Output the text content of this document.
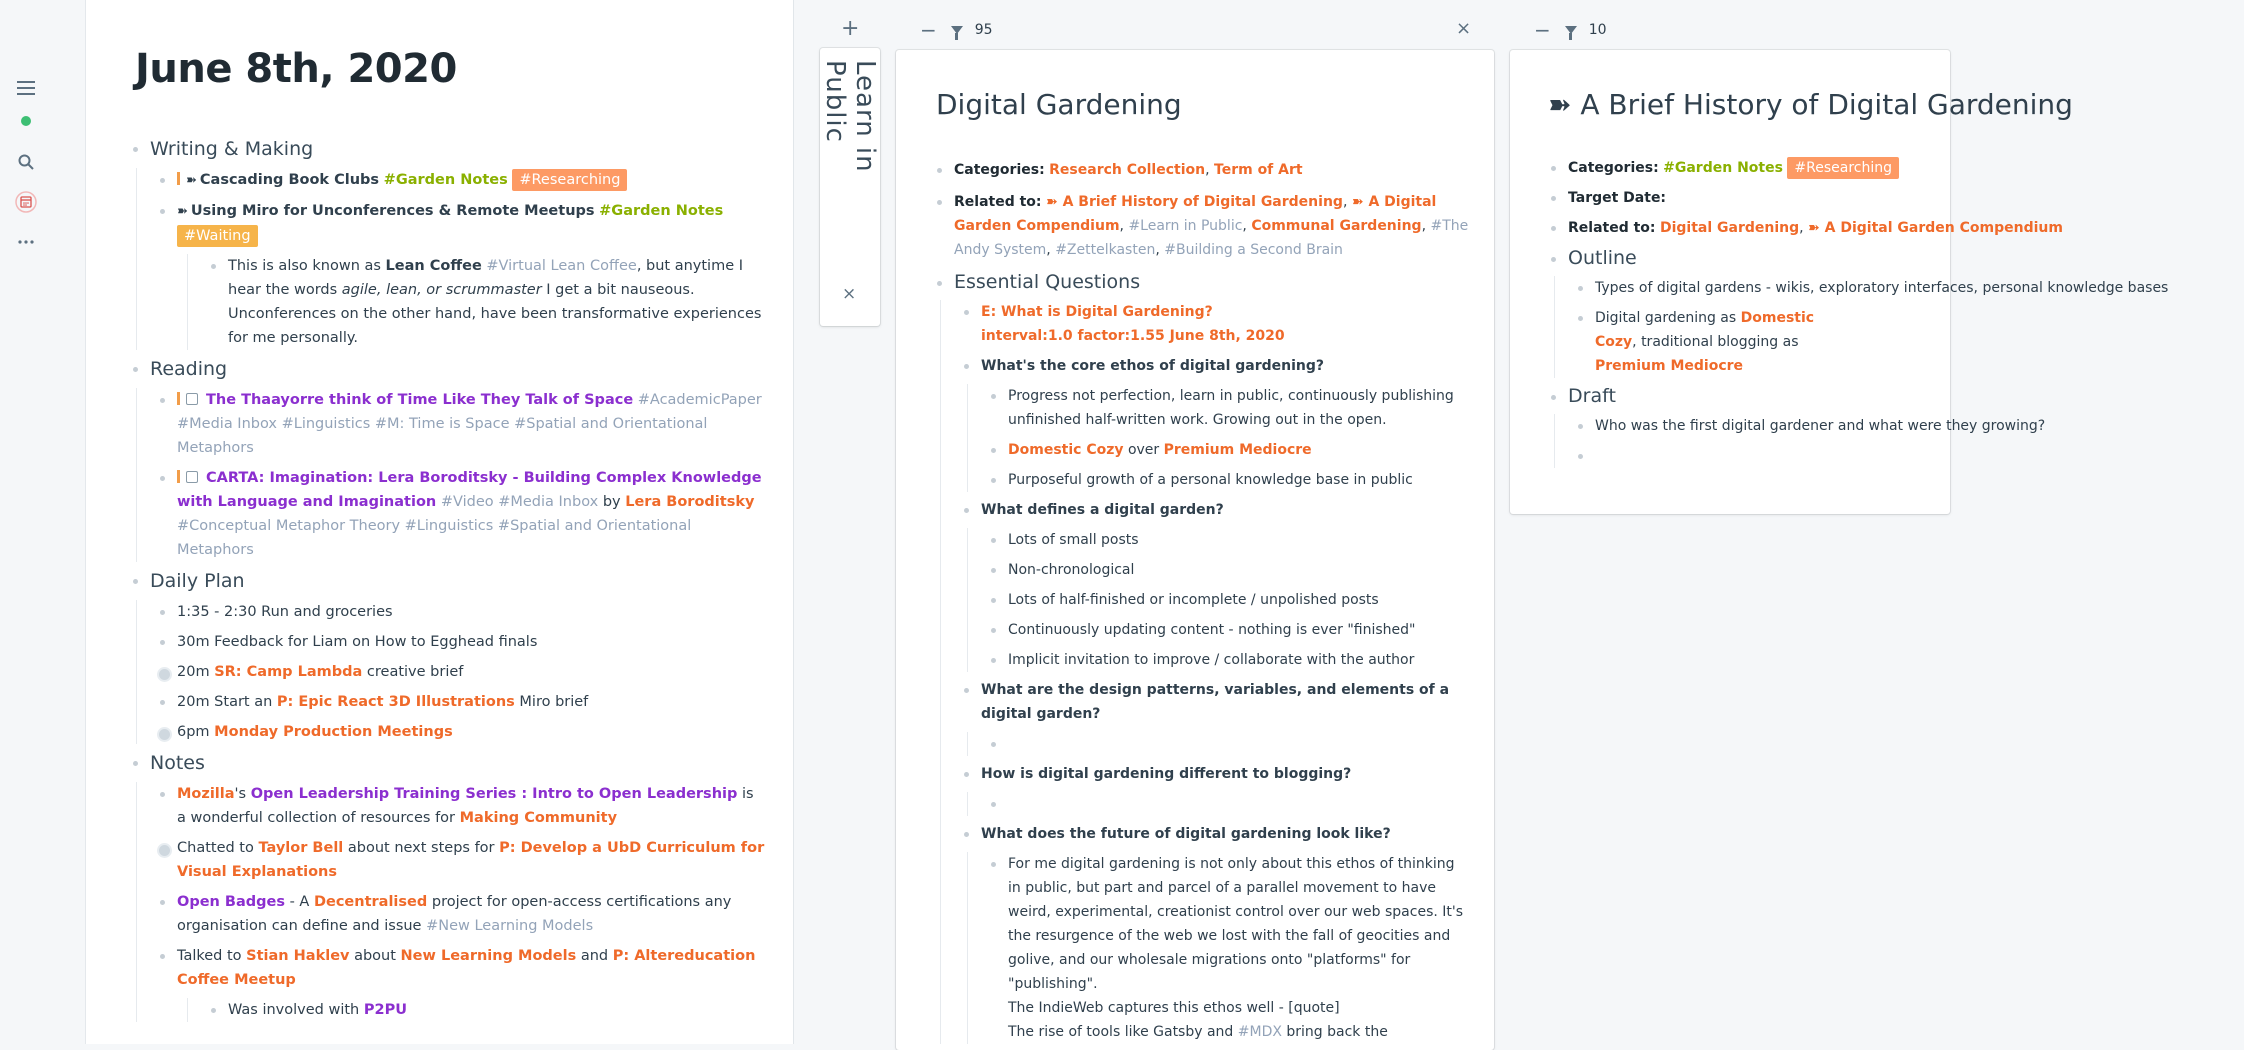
June 8th, 2020
Writing & Making
➽ Cascading Book Clubs #Garden Notes #Researching
➽ Using Miro for Unconferences & Remote Meetups #Garden Notes
#Waiting
This is also known as Lean Coffee #Virtual Lean Coffee, but anytime I hear the words agile, lean, or scrummaster I get a bit nauseous. Unconferences on the other hand, have been transformative experiences for me personally.
Reading
The Thaayorre think of Time Like They Talk of Space #AcademicPaper #Media Inbox #Linguistics #M: Time is Space #Spatial and Orientational Metaphors
CARTA: Imagination: Lera Boroditsky - Building Complex Knowledge with Language and Imagination #Video #Media Inbox by Lera Boroditsky #Conceptual Metaphor Theory #Linguistics #Spatial and Orientational Metaphors
Daily Plan
1:35 - 2:30 Run and groceries
30m Feedback for Liam on How to Egghead finals
20m SR: Camp Lambda creative brief
20m Start an P: Epic React 3D Illustrations Miro brief
6pm Monday Production Meetings
Notes
Mozilla's Open Leadership Training Series : Intro to Open Leadership is a wonderful collection of resources for Making Community
Chatted to Taylor Bell about next steps for P: Develop a UbD Curriculum for Visual Explanations
Open Badges - A Decentralised project for open-access certifications any organisation can define and issue #New Learning Models
Talked to Stian Haklev about New Learning Models and P: Altereducation Coffee Meetup
Was involved with P2PU
+
Learn in Public
×
−	95	×
Digital Gardening
Categories: Research Collection, Term of Art
Related to: ➽ A Brief History of Digital Gardening, ➽ A Digital Garden Compendium, #Learn in Public, Communal Gardening, #The Andy System, #Zettelkasten, #Building a Second Brain
Essential Questions
E: What is Digital Gardening?
interval:1.0 factor:1.55 June 8th, 2020
What's the core ethos of digital gardening?
Progress not perfection, learn in public, continuously publishing unfinished half-written work. Growing out in the open.
Domestic Cozy over Premium Mediocre
Purposeful growth of a personal knowledge base in public
What defines a digital garden?
Lots of small posts
Non-chronological
Lots of half-finished or incomplete / unpolished posts
Continuously updating content - nothing is ever "finished"
Implicit invitation to improve / collaborate with the author
What are the design patterns, variables, and elements of a digital garden?
How is digital gardening different to blogging?
What does the future of digital gardening look like?
For me digital gardening is not only about this ethos of thinking in public, but part and parcel of a parallel movement to have weird, experimental, creationist control over our web spaces. It's the resurgence of the web we lost with the fall of geocities and golive, and our wholesale migrations onto "platforms" for "publishing".
The IndieWeb captures this ethos well - [quote]
The rise of tools like Gatsby and #MDX bring back the
−	10
➽ A Brief History of Digital Gardening
Categories: #Garden Notes #Researching
Target Date:
Related to: Digital Gardening, ➽ A Digital Garden Compendium
Outline
Types of digital gardens - wikis, exploratory interfaces, personal knowledge bases
Digital gardening as Domestic Cozy, traditional blogging as
Premium Mediocre
Draft
Who was the first digital gardener and what were they growing?
